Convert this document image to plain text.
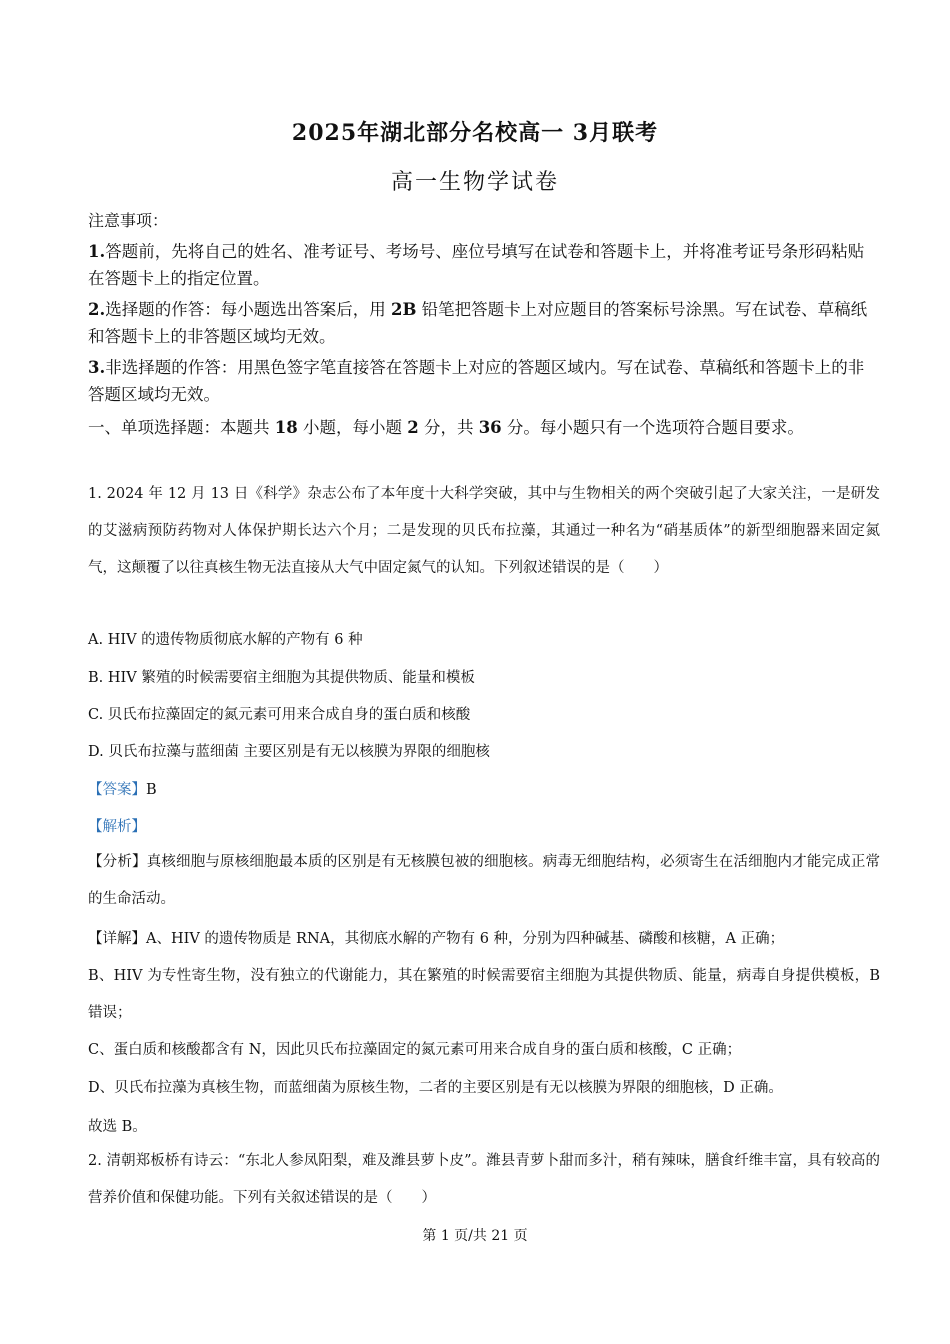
2025年湖北部分名校高一 3月联考
高一生物学试卷
注意事项：
1.答题前，先将自己的姓名、准考证号、考场号、座位号填写在试卷和答题卡上，并将准考证号条形码粘贴在答题卡上的指定位置。
2.选择题的作答：每小题选出答案后，用 2B 铅笔把答题卡上对应题目的答案标号涂黑。写在试卷、草稿纸和答题卡上的非答题区域均无效。
3.非选择题的作答：用黑色签字笔直接答在答题卡上对应的答题区域内。写在试卷、草稿纸和答题卡上的非答题区域均无效。
一、单项选择题：本题共 18 小题，每小题 2 分，共 36 分。每小题只有一个选项符合题目要求。
1. 2024 年 12 月 13 日《科学》杂志公布了本年度十大科学突破，其中与生物相关的两个突破引起了大家关注，一是研发的艾滋病预防药物对人体保护期长达六个月；二是发现的贝氏布拉藻，其通过一种名为“硝基质体”的新型细胞器来固定氮气，这颠覆了以往真核生物无法直接从大气中固定氮气的认知。下列叙述错误的是（　　）
A. HIV 的遗传物质彻底水解的产物有 6 种
B. HIV 繁殖的时候需要宿主细胞为其提供物质、能量和模板
C. 贝氏布拉藻固定的氮元素可用来合成自身的蛋白质和核酸
D. 贝氏布拉藻与蓝细菌 主要区别是有无以核膜为界限的细胞核
【答案】B
【解析】
【分析】真核细胞与原核细胞最本质的区别是有无核膜包被的细胞核。病毒无细胞结构，必须寄生在活细胞内才能完成正常的生命活动。
【详解】A、HIV 的遗传物质是 RNA，其彻底水解的产物有 6 种，分别为四种碱基、磷酸和核糖，A 正确；
B、HIV 为专性寄生物，没有独立的代谢能力，其在繁殖的时候需要宿主细胞为其提供物质、能量，病毒自身提供模板，B 错误；
C、蛋白质和核酸都含有 N，因此贝氏布拉藻固定的氮元素可用来合成自身的蛋白质和核酸，C 正确；
D、贝氏布拉藻为真核生物，而蓝细菌为原核生物，二者的主要区别是有无以核膜为界限的细胞核，D 正确。
故选 B。
2. 清朝郑板桥有诗云：“东北人参凤阳梨，难及潍县萝卜皮”。潍县青萝卜甜而多汁，稍有辣味，膳食纤维丰富，具有较高的营养价值和保健功能。下列有关叙述错误的是（　　）
第 1 页/共 21 页
